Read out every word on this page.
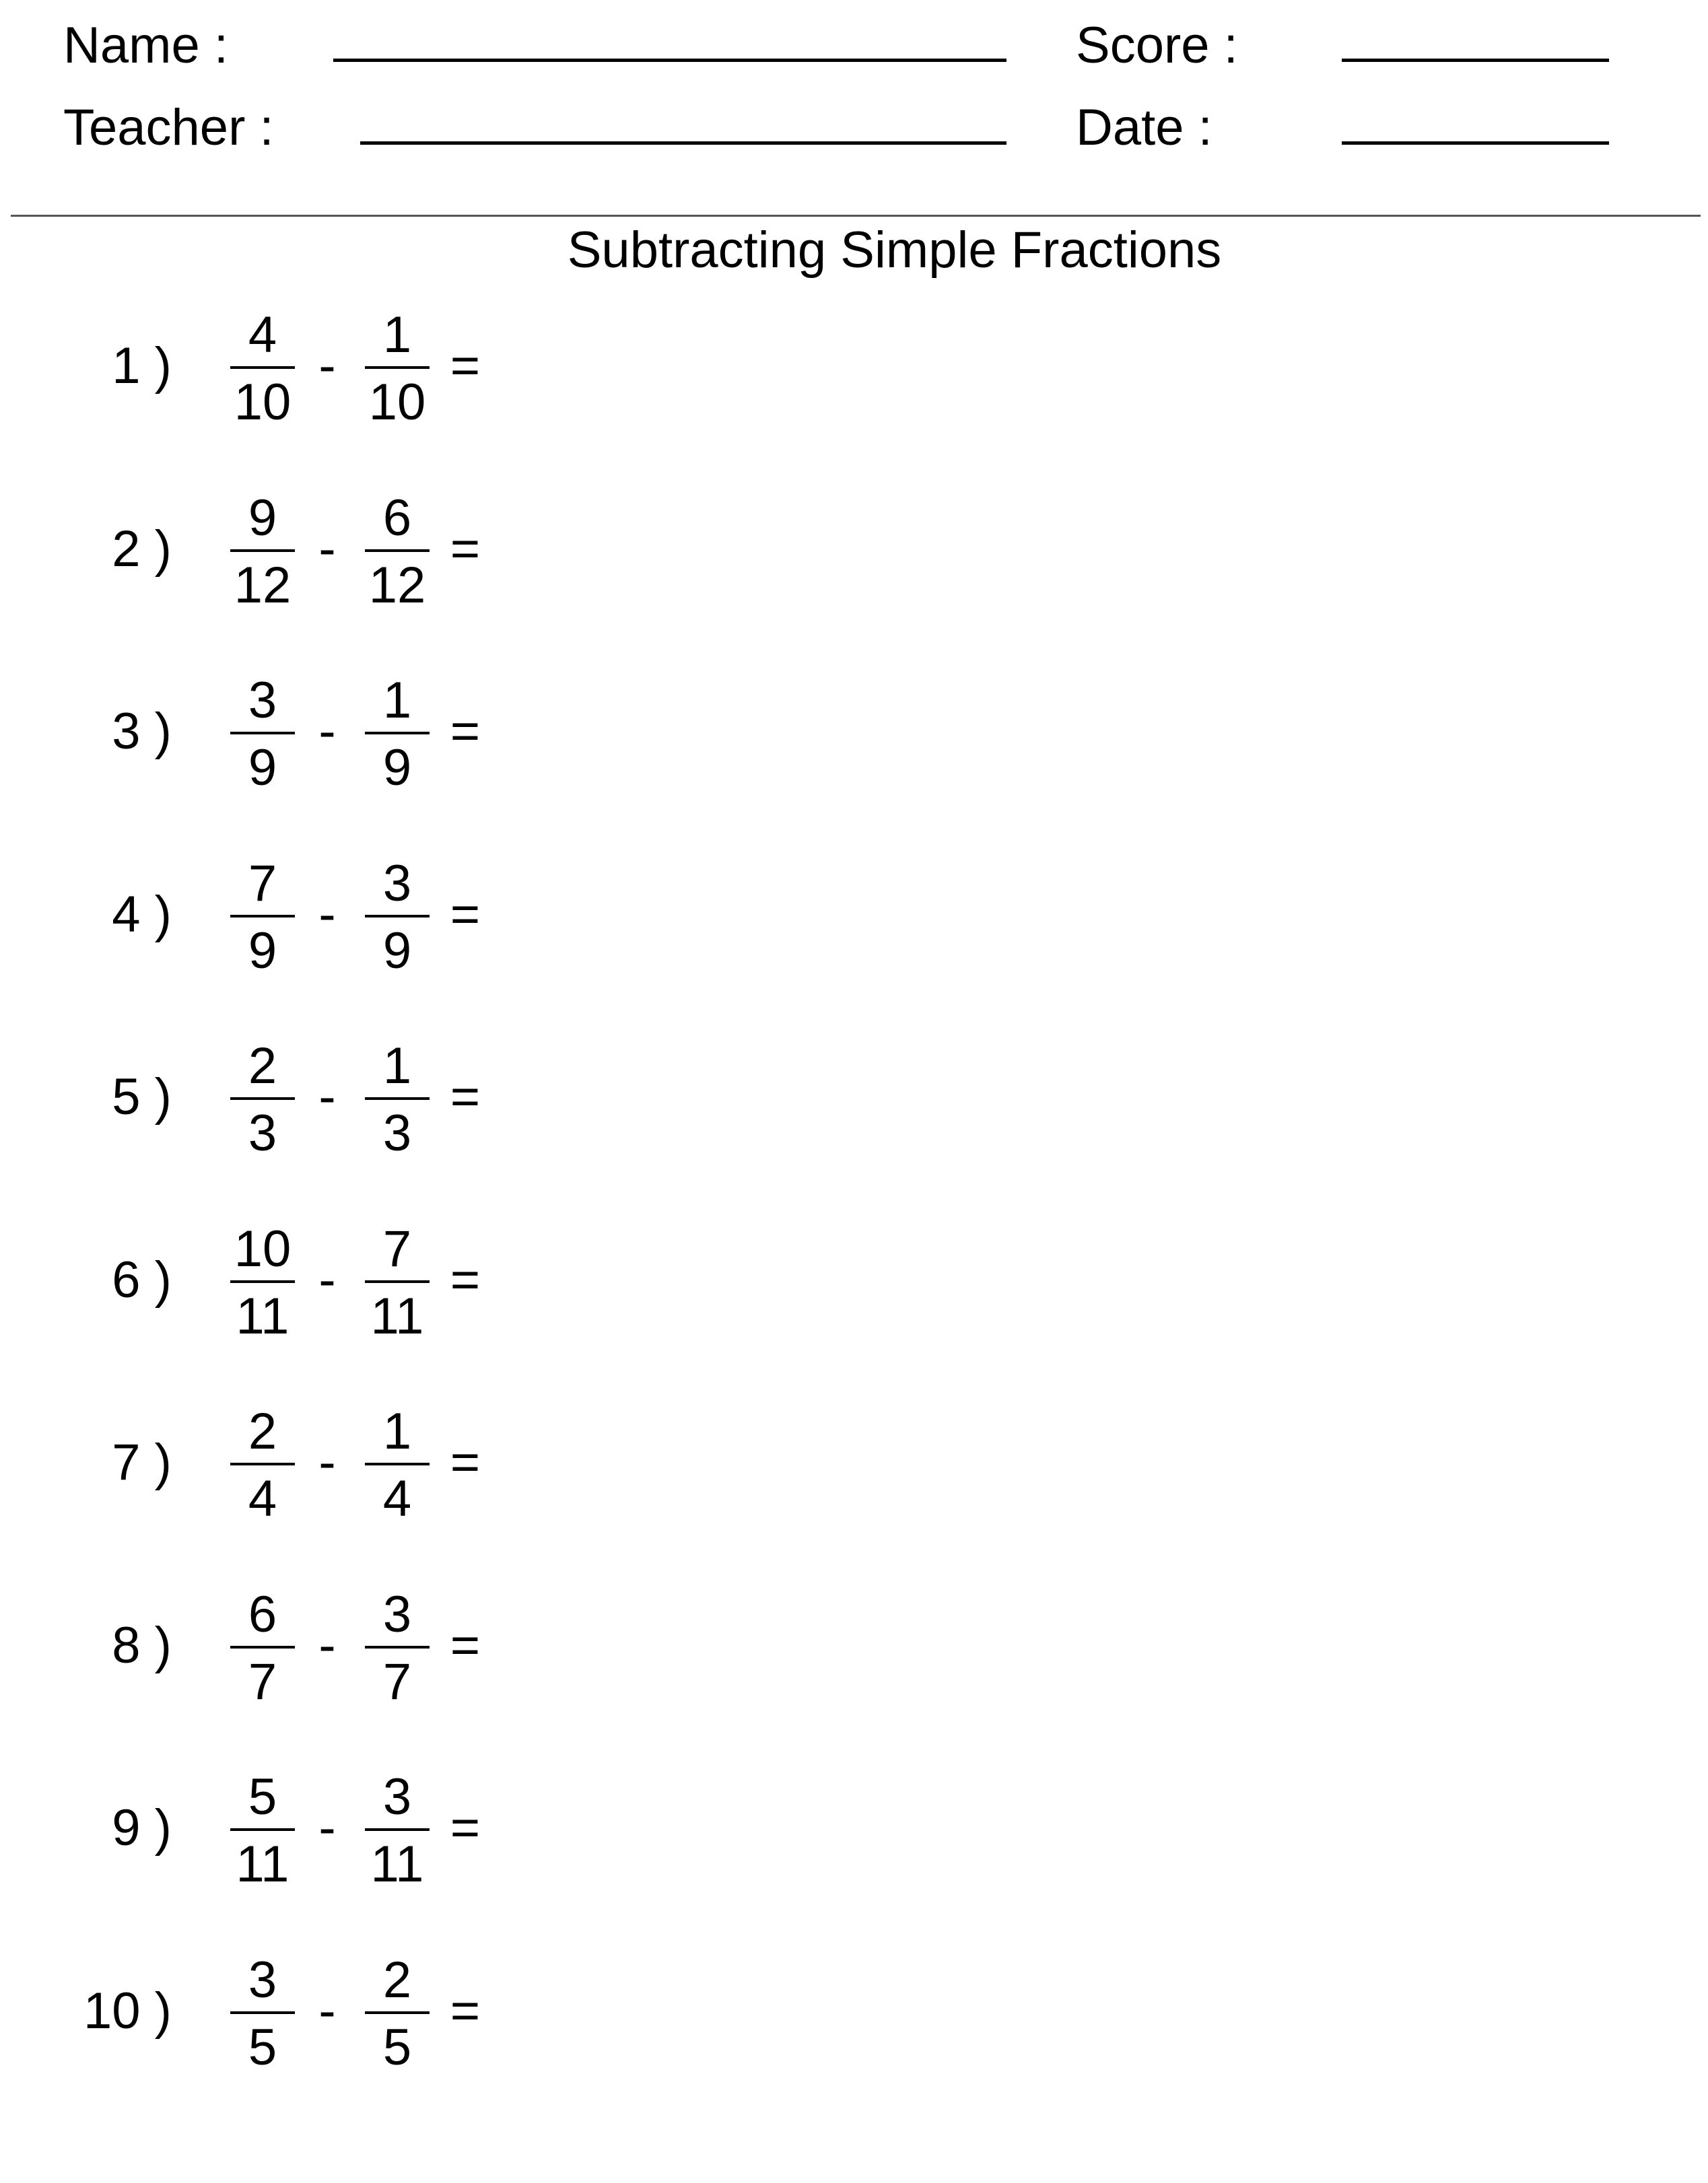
Name :	Score :
Teacher :	Date :
Subtracting Simple Fractions
1 )
4
10
-
1
10
=
2 )
9
12
-
6
12
=
3 )
3
9
-
1
9
=
4 )
7
9
-
3
9
=
5 )
2
3
-
1
3
=
6 )
10
11
-
7
11
=
7 )
2
4
-
1
4
=
8 )
6
7
-
3
7
=
9 )
5
11
-
3
11
=
10 )
3
5
-
2
5
=
